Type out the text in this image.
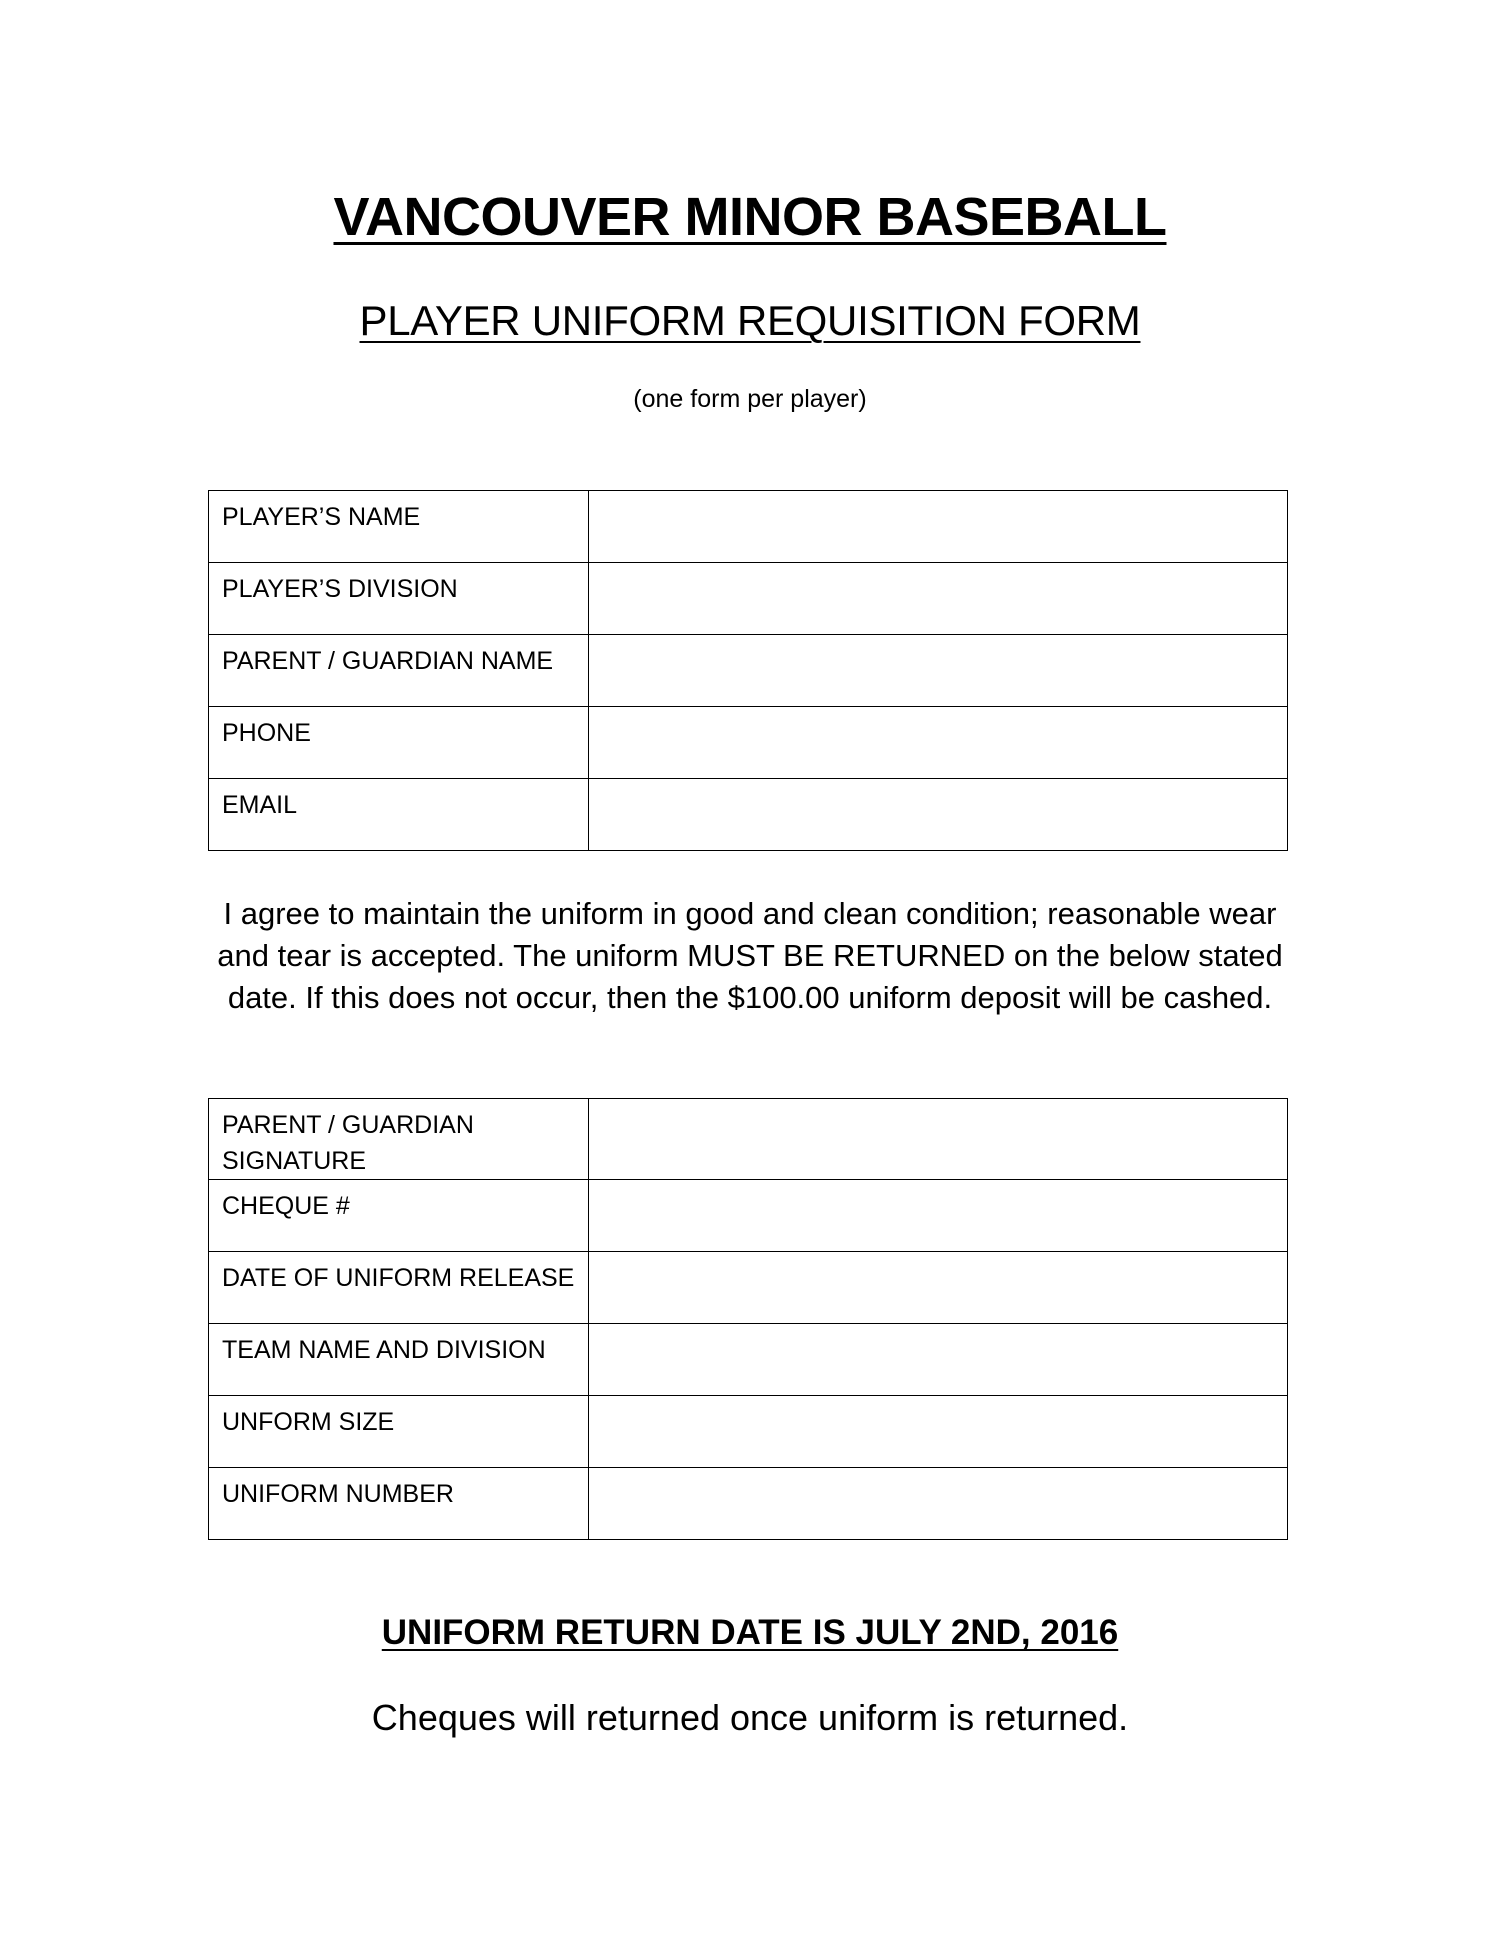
VANCOUVER MINOR BASEBALL
PLAYER UNIFORM REQUISITION FORM
(one form per player)
PLAYER’S NAME	
PLAYER’S DIVISION	
PARENT / GUARDIAN NAME	
PHONE	
EMAIL	
I agree to maintain the uniform in good and clean condition; reasonable wear and tear is accepted. The uniform MUST BE RETURNED on the below stated date. If this does not occur, then the $100.00 uniform deposit will be cashed.
PARENT / GUARDIAN SIGNATURE	
CHEQUE #	
DATE OF UNIFORM RELEASE	
TEAM NAME AND DIVISION	
UNFORM SIZE	
UNIFORM NUMBER	
UNIFORM RETURN DATE IS JULY 2ND, 2016
Cheques will returned once uniform is returned.
